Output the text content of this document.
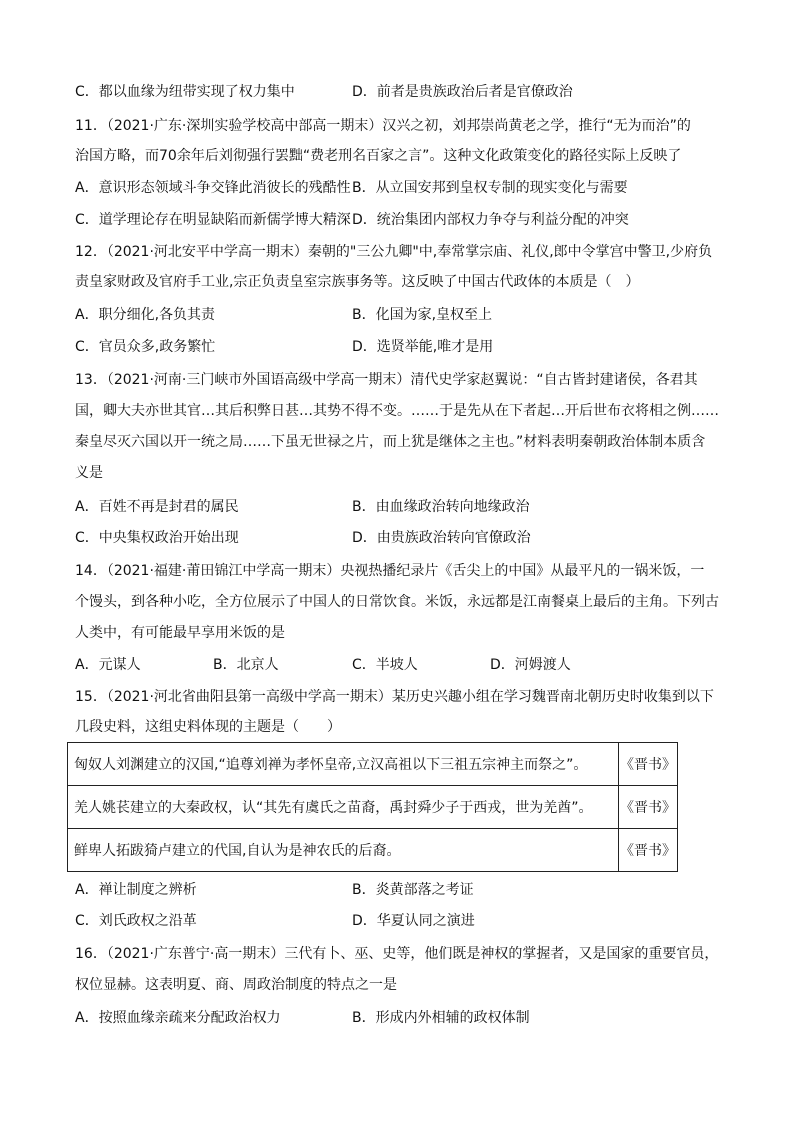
C．都以血缘为纽带实现了权力集中	D．前者是贵族政治后者是官僚政治
11．（2021·广东·深圳实验学校高中部高一期末）汉兴之初，刘邦崇尚黄老之学，推行“无为而治”的
治国方略，而70余年后刘彻强行罢黜“费老刑名百家之言”。这种文化政策变化的路径实际上反映了
A．意识形态领域斗争交锋此消彼长的残酷性 B．从立国安邦到皇权专制的现实变化与需要
C．道学理论存在明显缺陷而新儒学博大精深 D．统治集团内部权力争夺与利益分配的冲突
12．（2021·河北安平中学高一期末）秦朝的"三公九卿"中,奉常掌宗庙、礼仪,郎中令掌宫中警卫,少府负
责皇家财政及官府手工业,宗正负责皇室宗族事务等。这反映了中国古代政体的本质是（　）
A．职分细化,各负其责	B．化国为家,皇权至上
C．官员众多,政务繁忙	D．选贤举能,唯才是用
13．（2021·河南·三门峡市外国语高级中学高一期末）清代史学家赵翼说：“自古皆封建诸侯，各君其
国，卿大夫亦世其官…其后积弊日甚…其势不得不变。……于是先从在下者起…开后世布衣将相之例……
秦皇尽灭六国以开一统之局……下虽无世禄之片，而上犹是继体之主也。”材料表明秦朝政治体制本质含
义是
A．百姓不再是封君的属民	B．由血缘政治转向地缘政治
C．中央集权政治开始出现	D．由贵族政治转向官僚政治
14．（2021·福建·莆田锦江中学高一期末）央视热播纪录片《舌尖上的中国》从最平凡的一锅米饭，一
个馒头，到各种小吃，全方位展示了中国人的日常饮食。米饭，永远都是江南餐桌上最后的主角。下列古
人类中，有可能最早享用米饭的是
A．元谋人	B．北京人	C．半坡人	D．河姆渡人
15．（2021·河北省曲阳县第一高级中学高一期末）某历史兴趣小组在学习魏晋南北朝历史时收集到以下
几段史料，这组史料体现的主题是（　　）
匈奴人刘渊建立的汉国,“追尊刘禅为孝怀皇帝,立汉高祖以下三祖五宗神主而祭之”。	《晋书》
羌人姚苌建立的大秦政权，认“其先有虞氏之苗裔，禹封舜少子于西戎，世为羌酋”。	《晋书》
鲜卑人拓跋猗卢建立的代国,自认为是神农氏的后裔。	《晋书》
A．禅让制度之辨析	B．炎黄部落之考证
C．刘氏政权之沿革	D．华夏认同之演进
16．（2021·广东普宁·高一期末）三代有卜、巫、史等，他们既是神权的掌握者，又是国家的重要官员，
权位显赫。这表明夏、商、周政治制度的特点之一是
A．按照血缘亲疏来分配政治权力	B．形成内外相辅的政权体制
